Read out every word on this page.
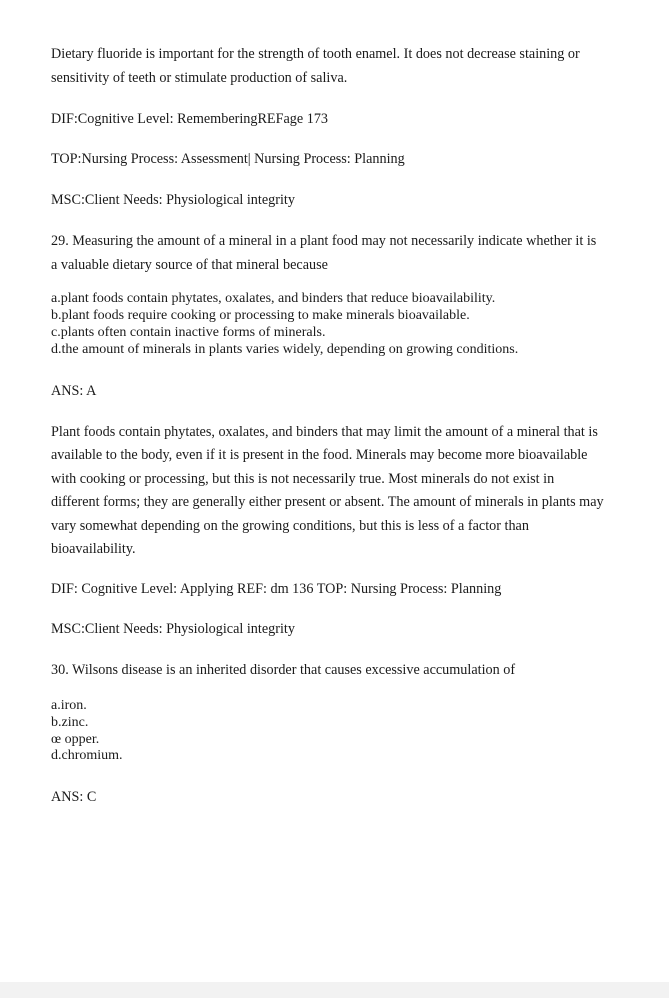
Dietary fluoride is important for the strength of tooth enamel. It does not decrease staining or

sensitivity of teeth or stimulate production of saliva.

DIF:Cognitive Level: RememberingREFage 173

TOP:Nursing Process: Assessment| Nursing Process: Planning

MSC:Client Needs: Physiological integrity

29. Measuring the amount of a mineral in a plant food may not necessarily indicate whether it is

a valuable dietary source of that mineral because

a.plant foods contain phytates, oxalates, and binders that reduce bioavailability.

b.plant foods require cooking or processing to make minerals bioavailable.

c.plants often contain inactive forms of minerals.

d.the amount of minerals in plants varies widely, depending on growing conditions.

ANS: A

Plant foods contain phytates, oxalates, and binders that may limit the amount of a mineral that is

available to the body, even if it is present in the food. Minerals may become more bioavailable

with cooking or processing, but this is not necessarily true. Most minerals do not exist in

different forms; they are generally either present or absent. The amount of minerals in plants may

vary somewhat depending on the growing conditions, but this is less of a factor than

bioavailability.

DIF: Cognitive Level: Applying REF: dm 136 TOP: Nursing Process: Planning

MSC:Client Needs: Physiological integrity

30. Wilsons disease is an inherited disorder that causes excessive accumulation of

a.iron.

b.zinc.

œ opper.

d.chromium.

ANS: C
